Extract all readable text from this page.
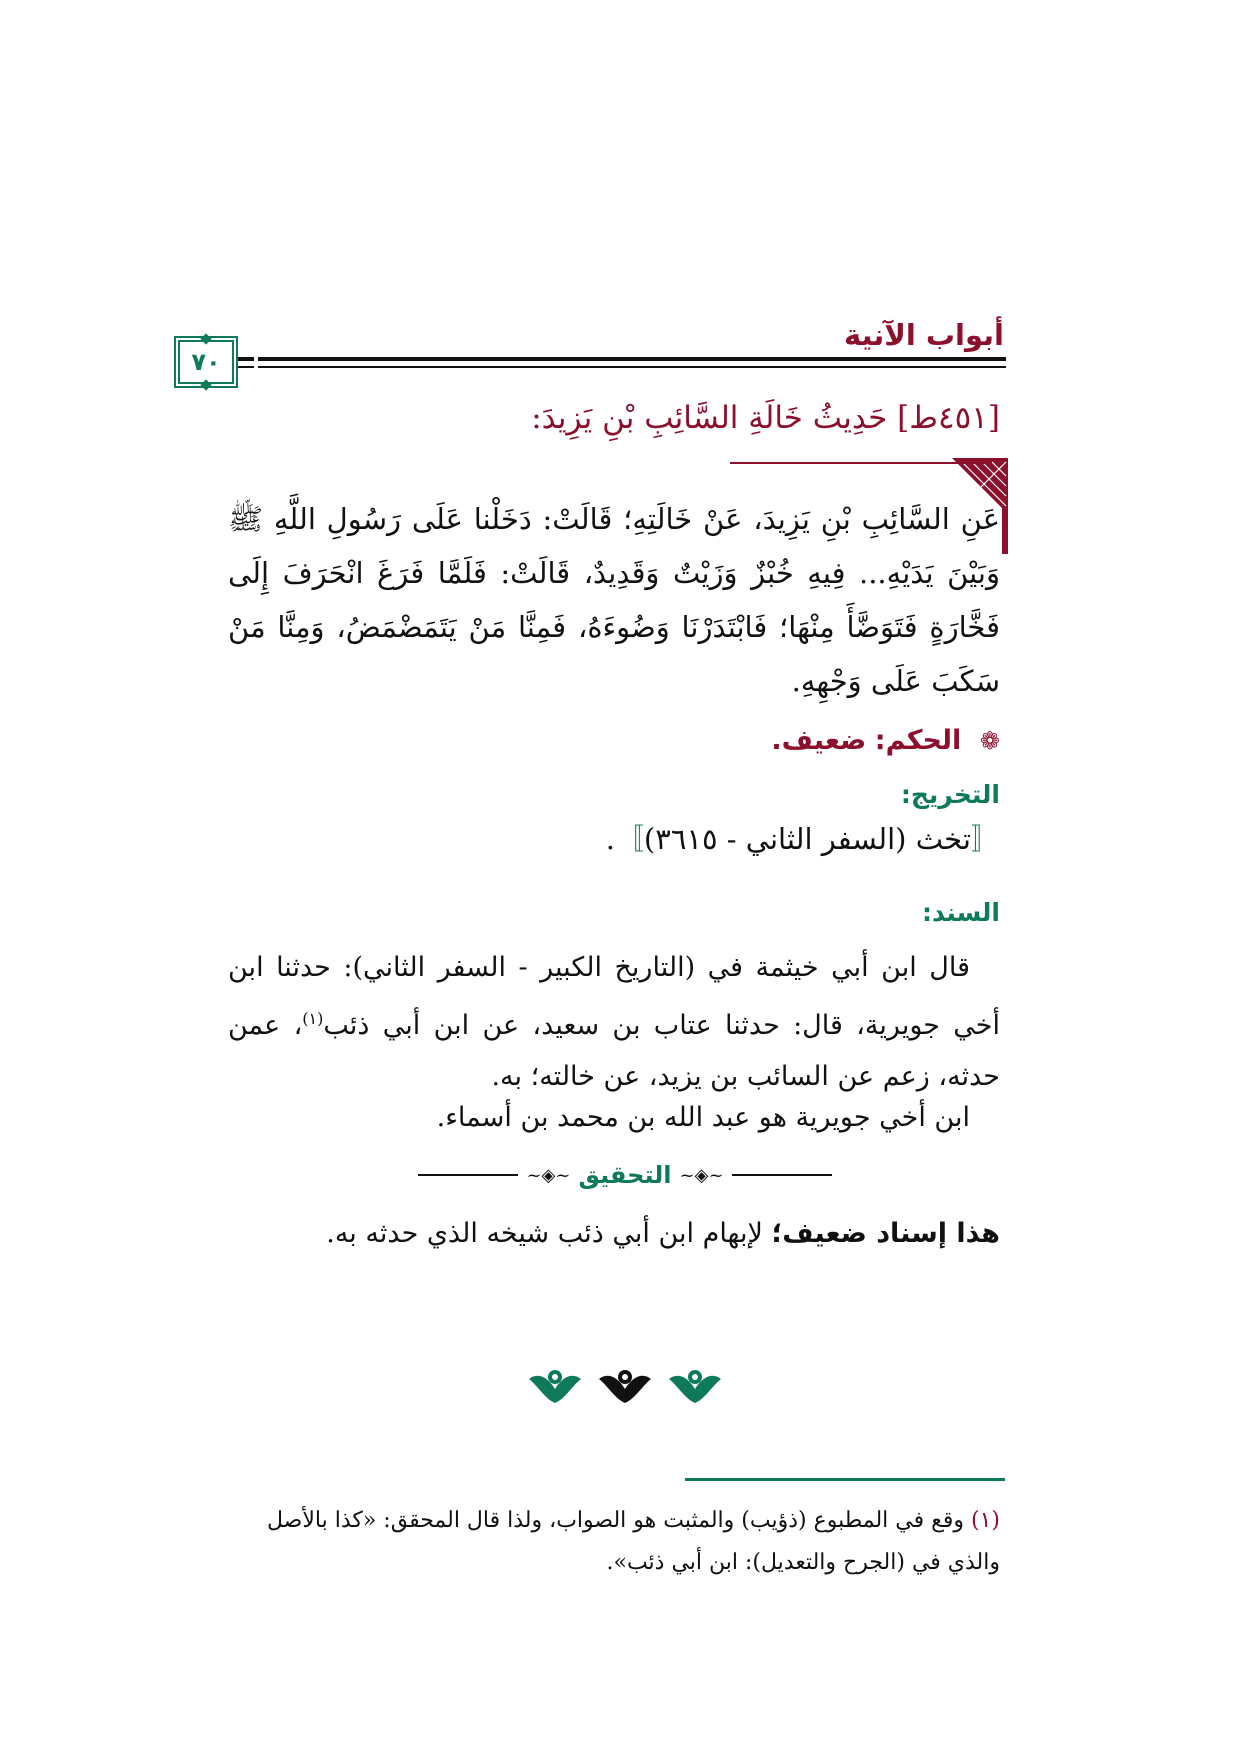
أبواب الآنية
٧٠
[٤٥١ط] حَدِيثُ خَالَةِ السَّائِبِ بْنِ يَزِيدَ:
عَنِ السَّائِبِ بْنِ يَزِيدَ، عَنْ خَالَتِهِ؛ قَالَتْ: دَخَلْنا عَلَى رَسُولِ اللَّهِ ﷺ وَبَيْنَ يَدَيْهِ... فِيهِ خُبْزٌ وَزَيْتٌ وَقَدِيدٌ، قَالَتْ: فَلَمَّا فَرَغَ انْحَرَفَ إِلَى فَخَّارَةٍ فَتَوَضَّأَ مِنْهَا؛ فَابْتَدَرْنَا وَضُوءَهُ، فَمِنَّا مَنْ يَتَمَضْمَضُ، وَمِنَّا مَنْ سَكَبَ عَلَى وَجْهِهِ.
❁ الحكم: ضعيف.
التخريج:
〚تخث (السفر الثاني - ٣٦١٥)〛.
السند:
قال ابن أبي خيثمة في (التاريخ الكبير - السفر الثاني): حدثنا ابن أخي جويرية، قال: حدثنا عتاب بن سعيد، عن ابن أبي ذئب$^{(١)}$، عمن حدثه، زعم عن السائب بن يزيد، عن خالته؛ به.
ابن أخي جويرية هو عبد الله بن محمد بن أسماء.
~◈~ التحقيق ~◈~
هذا إسناد ضعيف؛ لإبهام ابن أبي ذئب شيخه الذي حدثه به.
(١) وقع في المطبوع (ذؤيب) والمثبت هو الصواب، ولذا قال المحقق: «كذا بالأصل والذي في (الجرح والتعديل): ابن أبي ذئب».
